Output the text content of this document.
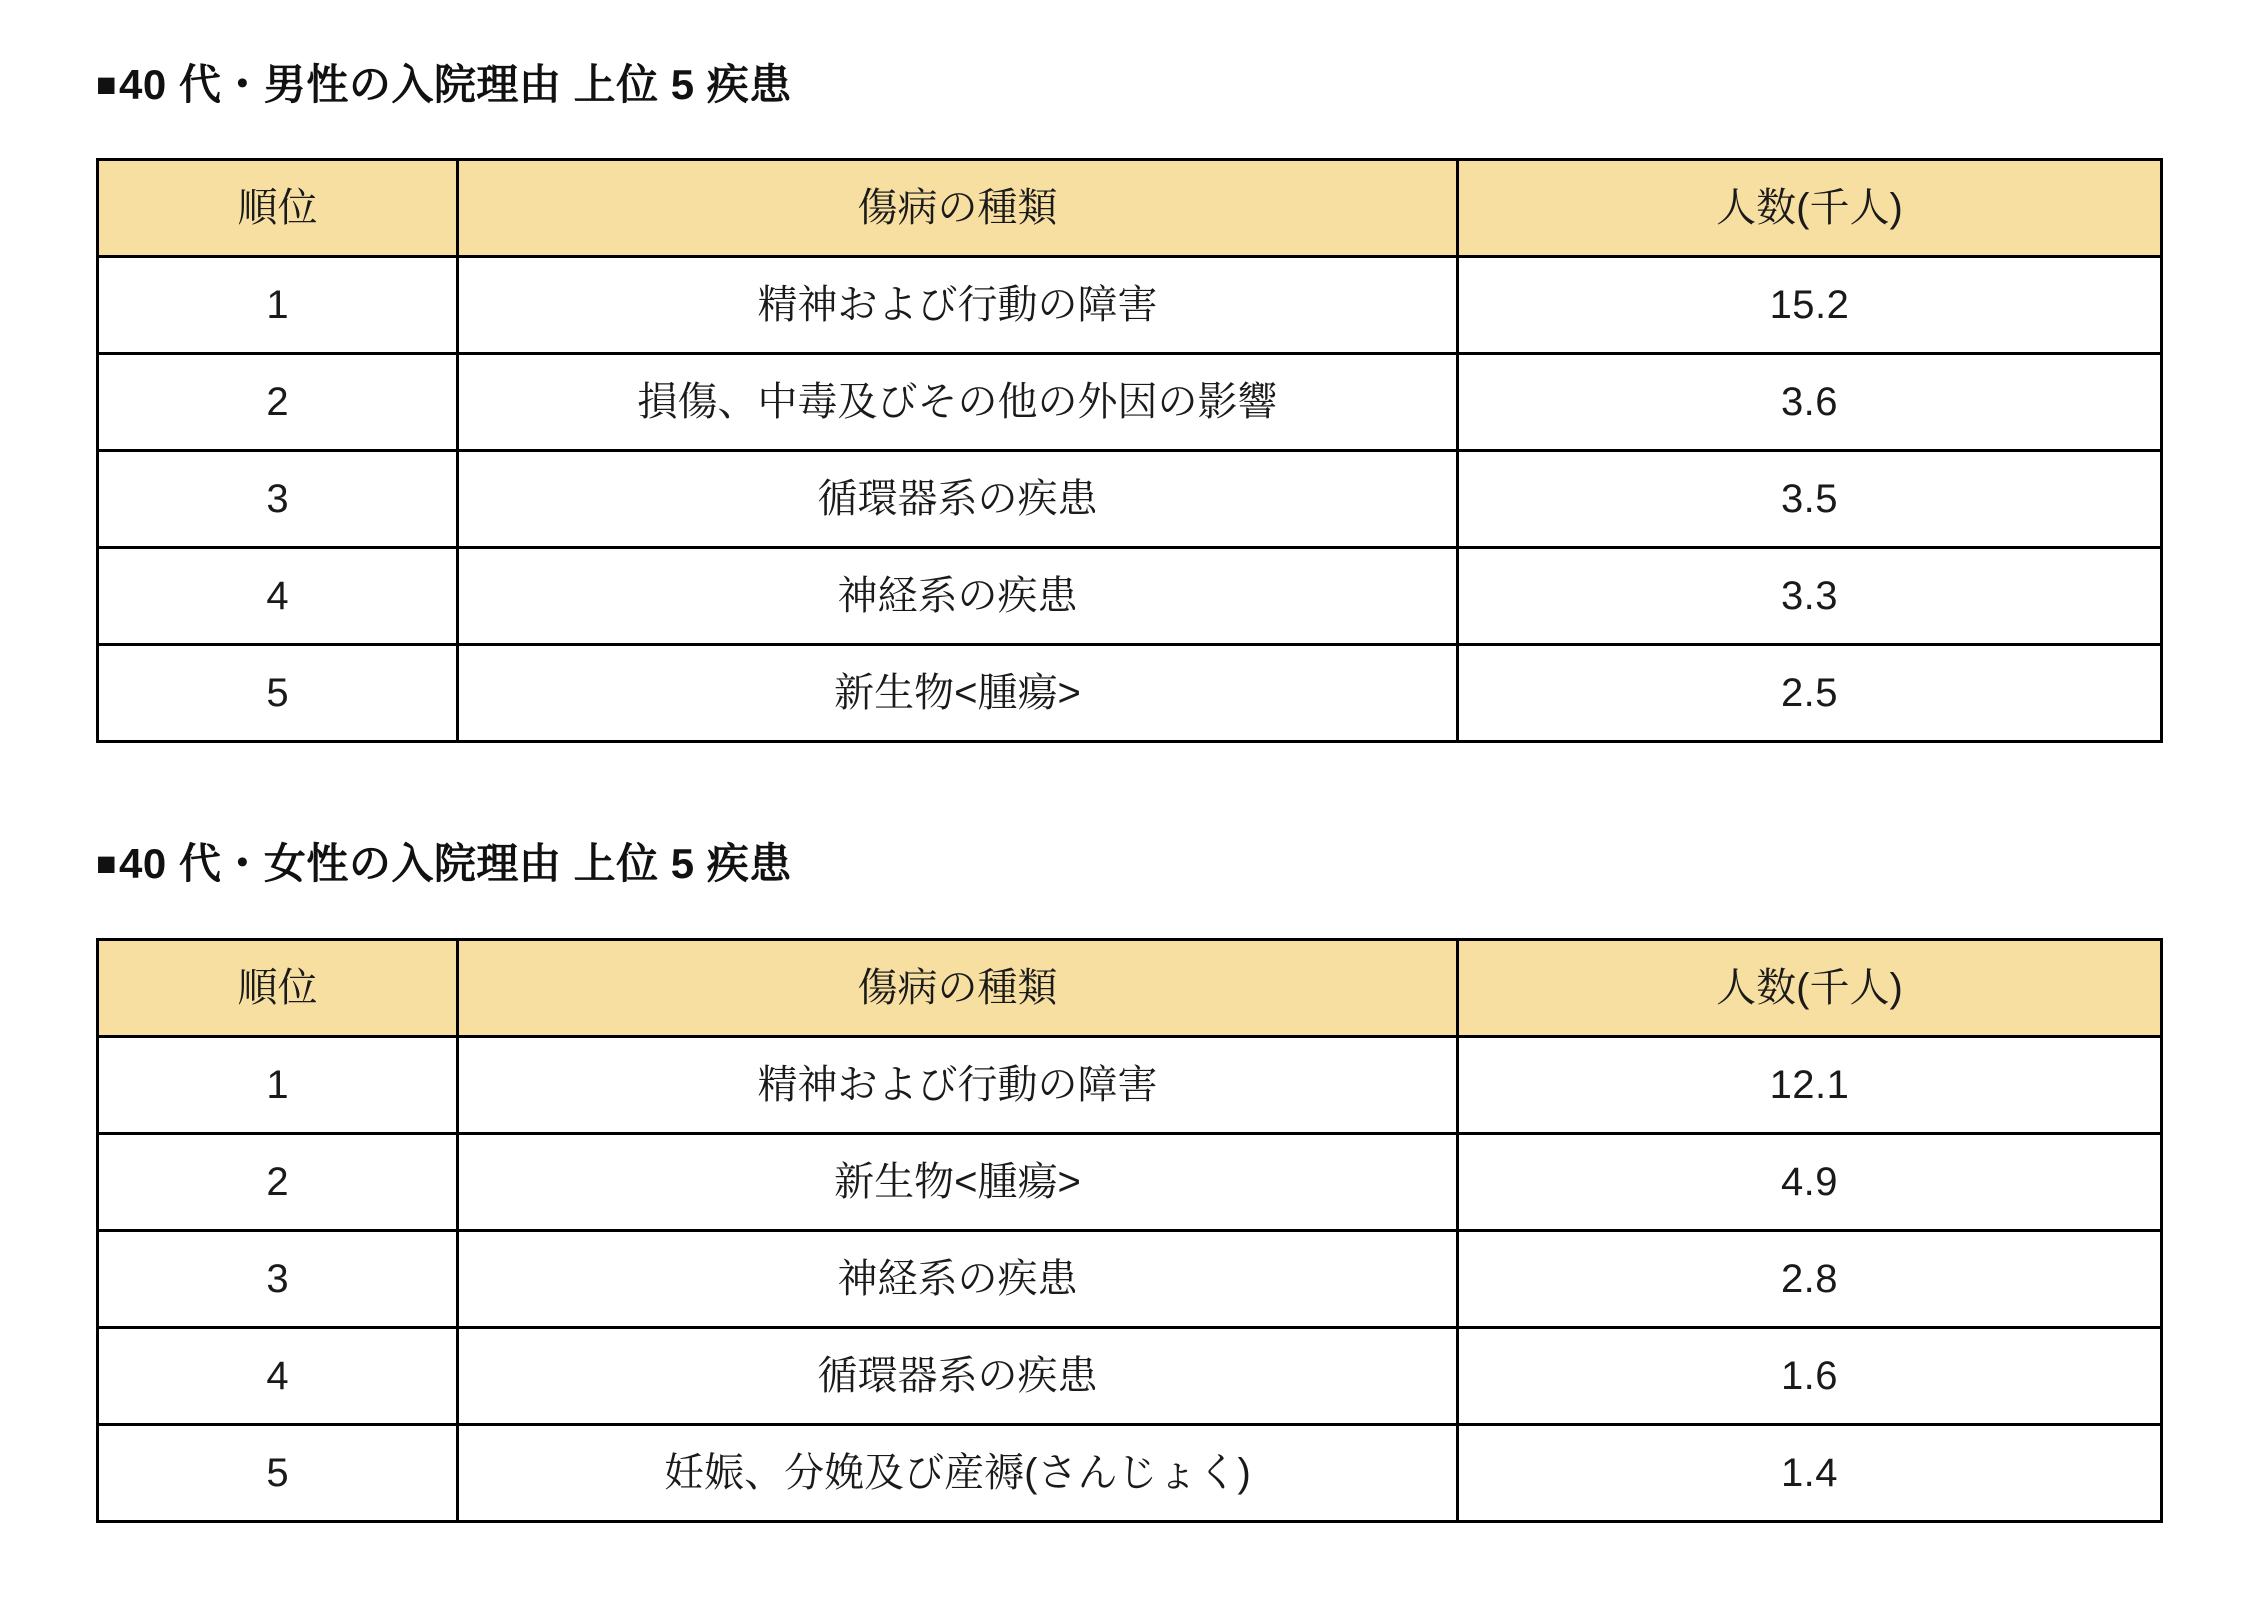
■40 代・男性の入院理由 上位 5 疾患
順位	傷病の種類	人数(千人)
1	精神および行動の障害	15.2
2	損傷、中毒及びその他の外因の影響	3.6
3	循環器系の疾患	3.5
4	神経系の疾患	3.3
5	新生物<腫瘍>	2.5
■40 代・女性の入院理由 上位 5 疾患
順位	傷病の種類	人数(千人)
1	精神および行動の障害	12.1
2	新生物<腫瘍>	4.9
3	神経系の疾患	2.8
4	循環器系の疾患	1.6
5	妊娠、分娩及び産褥(さんじょく)	1.4
